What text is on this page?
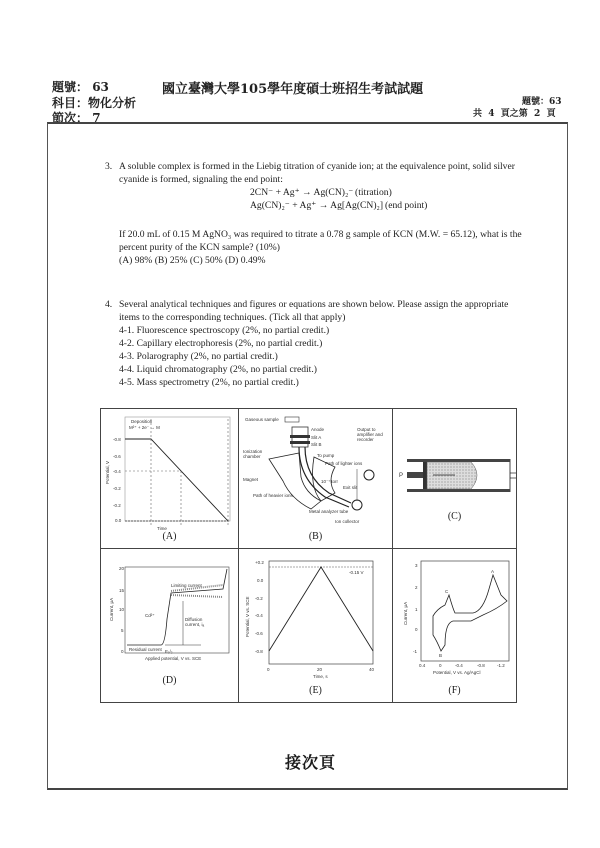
題號： 63	國立臺灣大學105學年度碩士班招生考試試題
科目：物化分析
節次： 7
題號：63
共  4  頁之第  2  頁
3. A soluble complex is formed in the Liebig titration of cyanide ion; at the equivalence point, solid silver

cyanide is formed, signaling the end point:

2CN⁻ + Ag⁺ → Ag(CN)₂⁻ (titration)
Ag(CN)₂⁻ + Ag⁺ → Ag[Ag(CN)₂] (end point)

If 20.0 mL of 0.15 M AgNO₃ was required to titrate a 0.78 g sample of KCN (M.W. = 65.12), what is the

percent purity of the KCN sample? (10%)

(A) 98% (B) 25% (C) 50% (D) 0.49%

4. Several analytical techniques and figures or equations are shown below. Please assign the appropriate

items to the corresponding techniques. (Tick all that apply)

4-1. Fluorescence spectroscopy (2%, no partial credit.)

4-2. Capillary electrophoresis (2%, no partial credit.)

4-3. Polarography (2%, no partial credit.)

4-4. Liquid chromatography (2%, no partial credit.)

4-5. Mass spectrometry (2%, no partial credit.)

Deposition
M²⁺ + 2e⁻ → M
-0.8
-0.6
-0.4
-0.2
-0.2
0.0
Time
Potential, V
(A)
Gaseous sample
Anode
Slit A
Slit B
Ionization
chamber	To pump
Path of lighter ions
Magnet
Path of heavier ions
10⁻⁷ torr
Exit slit
Metal analyzer tube
Ion collector
Output to
amplifier and
recorder
(B)
P
(C)
Limiting current
Diffusion
current, iₐ
Residual current
Cd²⁺
E₁/₂
20
15
10
5
0
Applied potential, V vs. SCE
Current, μA
(D)
-0.15 V
+0.2
0.0
-0.2
-0.4
-0.6
-0.8
0	20	40
Time, s
Potential, V vs. SCE
(E)
A
B
C
3
2
1
0
-1
0.4	0	-0.4	-0.8	-1.2
Potential, V vs. Ag/AgCl
Current, μA
(F)
接次頁
